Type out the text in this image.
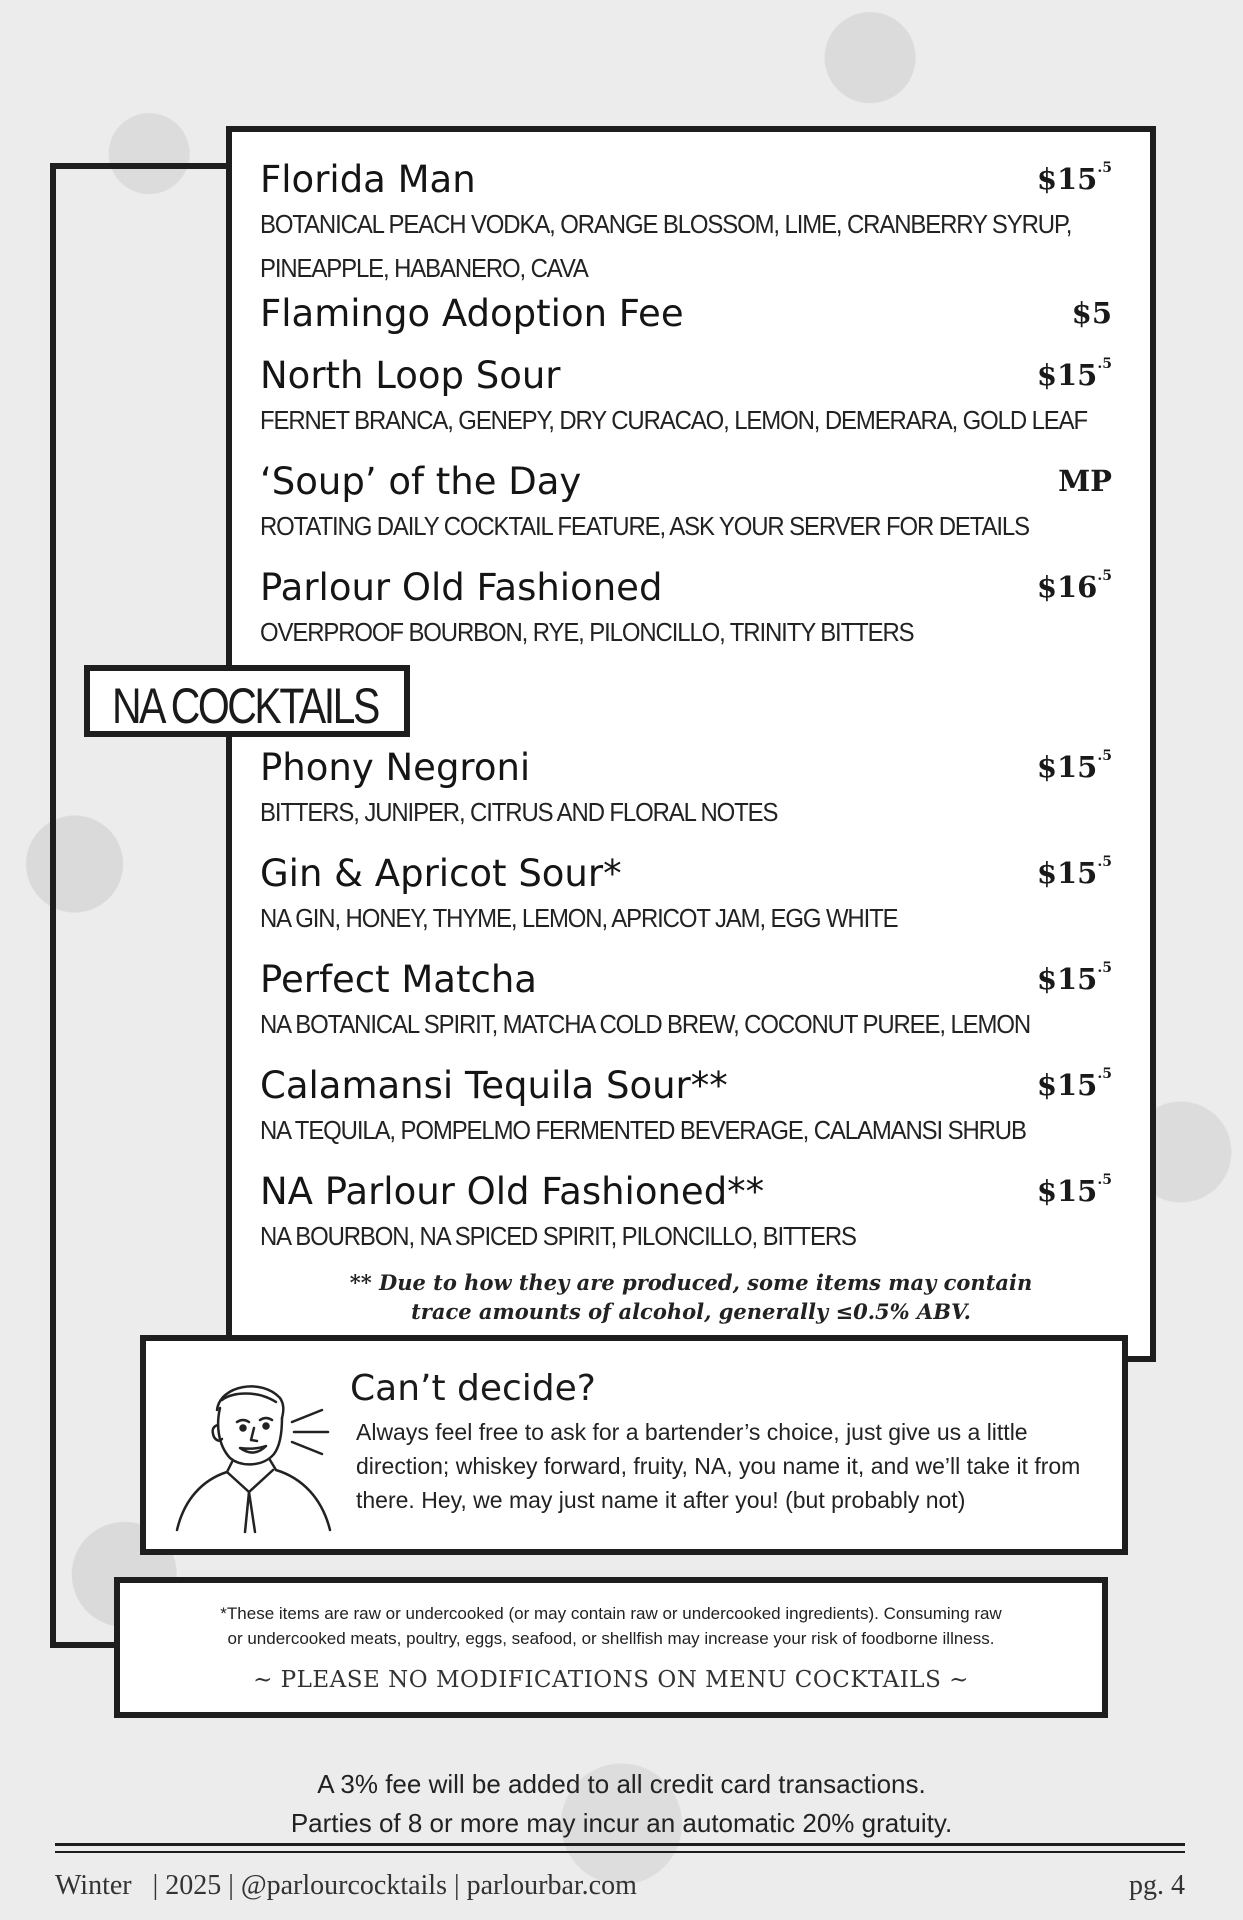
Florida Man	$\$15^{.5}$
BOTANICAL PEACH VODKA, ORANGE BLOSSOM, LIME, CRANBERRY SYRUP,
PINEAPPLE, HABANERO, CAVA
Flamingo Adoption Fee	$5
North Loop Sour	$\$15^{.5}$
FERNET BRANCA, GENEPY, DRY CURACAO, LEMON, DEMERARA, GOLD LEAF
‘Soup’ of the Day	MP
ROTATING DAILY COCKTAIL FEATURE, ASK YOUR SERVER FOR DETAILS
Parlour Old Fashioned	$\$16^{.5}$
OVERPROOF BOURBON, RYE, PILONCILLO, TRINITY BITTERS
Phony Negroni	$\$15^{.5}$
BITTERS, JUNIPER, CITRUS AND FLORAL NOTES
Gin & Apricot Sour*	$\$15^{.5}$
NA GIN, HONEY, THYME, LEMON, APRICOT JAM, EGG WHITE
Perfect Matcha	$\$15^{.5}$
NA BOTANICAL SPIRIT, MATCHA COLD BREW, COCONUT PUREE, LEMON
Calamansi Tequila Sour**	$\$15^{.5}$
NA TEQUILA, POMPELMO FERMENTED BEVERAGE, CALAMANSI SHRUB
NA Parlour Old Fashioned**	$\$15^{.5}$
NA BOURBON, NA SPICED SPIRIT, PILONCILLO, BITTERS
** Due to how they are produced, some items may contain
trace amounts of alcohol, generally ≤0.5% ABV.
NA COCKTAILS
Can’t decide?
Always feel free to ask for a bartender’s choice, just give us a little direction; whiskey forward, fruity, NA, you name it, and we’ll take it from there. Hey, we may just name it after you! (but probably not)
*These items are raw or undercooked (or may contain raw or undercooked ingredients). Consuming raw
or undercooked meats, poultry, eggs, seafood, or shellfish may increase your risk of foodborne illness.
~ PLEASE NO MODIFICATIONS ON MENU COCKTAILS ~
A 3% fee will be added to all credit card transactions.
Parties of 8 or more may incur an automatic 20% gratuity.
Winter   | 2025 | @parlourcocktails | parlourbar.com	pg. 4
